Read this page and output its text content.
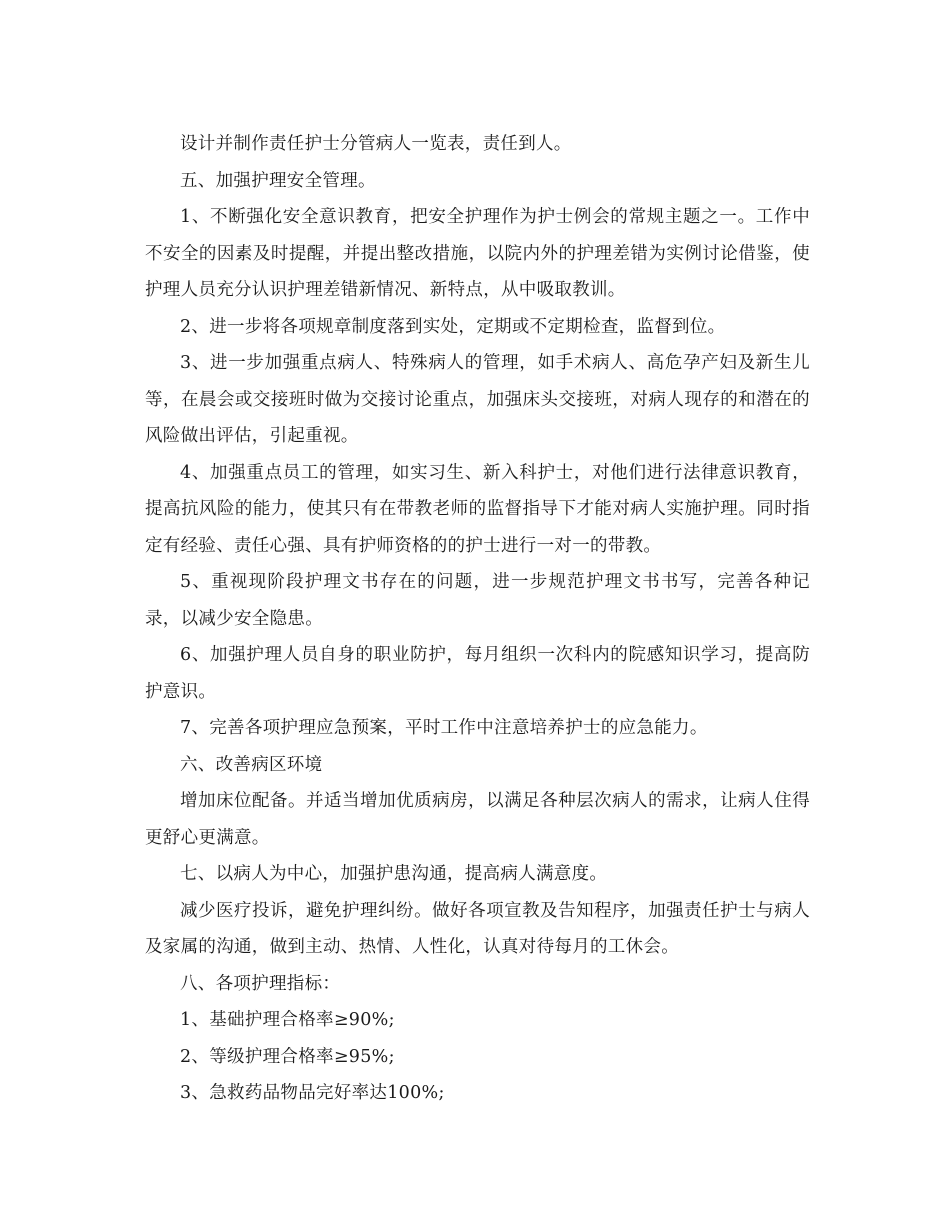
设计并制作责任护士分管病人一览表，责任到人。

五、加强护理安全管理。

1、不断强化安全意识教育，把安全护理作为护士例会的常规主题之一。工作中不安全的因素及时提醒，并提出整改措施，以院内外的护理差错为实例讨论借鉴，使护理人员充分认识护理差错新情况、新特点，从中吸取教训。

2、进一步将各项规章制度落到实处，定期或不定期检查，监督到位。

3、进一步加强重点病人、特殊病人的管理，如手术病人、高危孕产妇及新生儿等，在晨会或交接班时做为交接讨论重点，加强床头交接班，对病人现存的和潜在的风险做出评估，引起重视。

4、加强重点员工的管理，如实习生、新入科护士，对他们进行法律意识教育，提高抗风险的能力，使其只有在带教老师的监督指导下才能对病人实施护理。同时指定有经验、责任心强、具有护师资格的的护士进行一对一的带教。

5、重视现阶段护理文书存在的问题，进一步规范护理文书书写，完善各种记录，以减少安全隐患。

6、加强护理人员自身的职业防护，每月组织一次科内的院感知识学习，提高防护意识。

7、完善各项护理应急预案，平时工作中注意培养护士的应急能力。

六、改善病区环境

增加床位配备。并适当增加优质病房，以满足各种层次病人的需求，让病人住得更舒心更满意。

七、以病人为中心，加强护患沟通，提高病人满意度。

减少医疗投诉，避免护理纠纷。做好各项宣教及告知程序，加强责任护士与病人及家属的沟通，做到主动、热情、人性化，认真对待每月的工休会。

八、各项护理指标：

1、基础护理合格率≥90%;

2、等级护理合格率≥95%;

3、急救药品物品完好率达100%;
